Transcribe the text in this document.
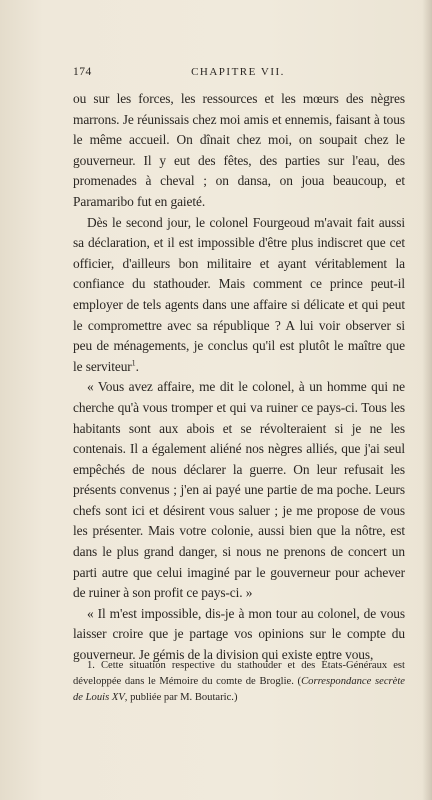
174	CHAPITRE VII.

ou sur les forces, les ressources et les mœurs des nègres marrons. Je réunissais chez moi amis et ennemis, faisant à tous le même accueil. On dînait chez moi, on soupait chez le gouverneur. Il y eut des fêtes, des parties sur l'eau, des promenades à cheval ; on dansa, on joua beaucoup, et Paramaribo fut en gaieté.

Dès le second jour, le colonel Fourgeoud m'avait fait aussi sa déclaration, et il est impossible d'être plus indiscret que cet officier, d'ailleurs bon militaire et ayant véritablement la confiance du stathouder. Mais comment ce prince peut-il employer de tels agents dans une affaire si délicate et qui peut le compromettre avec sa république ? A lui voir observer si peu de ménagements, je conclus qu'il est plutôt le maître que le serviteur$^1$.

« Vous avez affaire, me dit le colonel, à un homme qui ne cherche qu'à vous tromper et qui va ruiner ce pays-ci. Tous les habitants sont aux abois et se révolteraient si je ne les contenais. Il a également aliéné nos nègres alliés, que j'ai seul empêchés de nous déclarer la guerre. On leur refusait les présents convenus ; j'en ai payé une partie de ma poche. Leurs chefs sont ici et désirent vous saluer ; je me propose de vous les présenter. Mais votre colonie, aussi bien que la nôtre, est dans le plus grand danger, si nous ne prenons de concert un parti autre que celui imaginé par le gouverneur pour achever de ruiner à son profit ce pays-ci. »

« Il m'est impossible, dis-je à mon tour au colonel, de vous laisser croire que je partage vos opinions sur le compte du gouverneur. Je gémis de la division qui existe entre vous,

1. Cette situation respective du stathouder et des États-Généraux est développée dans le Mémoire du comte de Broglie. (Correspondance secrète de Louis XV, publiée par M. Boutaric.)
